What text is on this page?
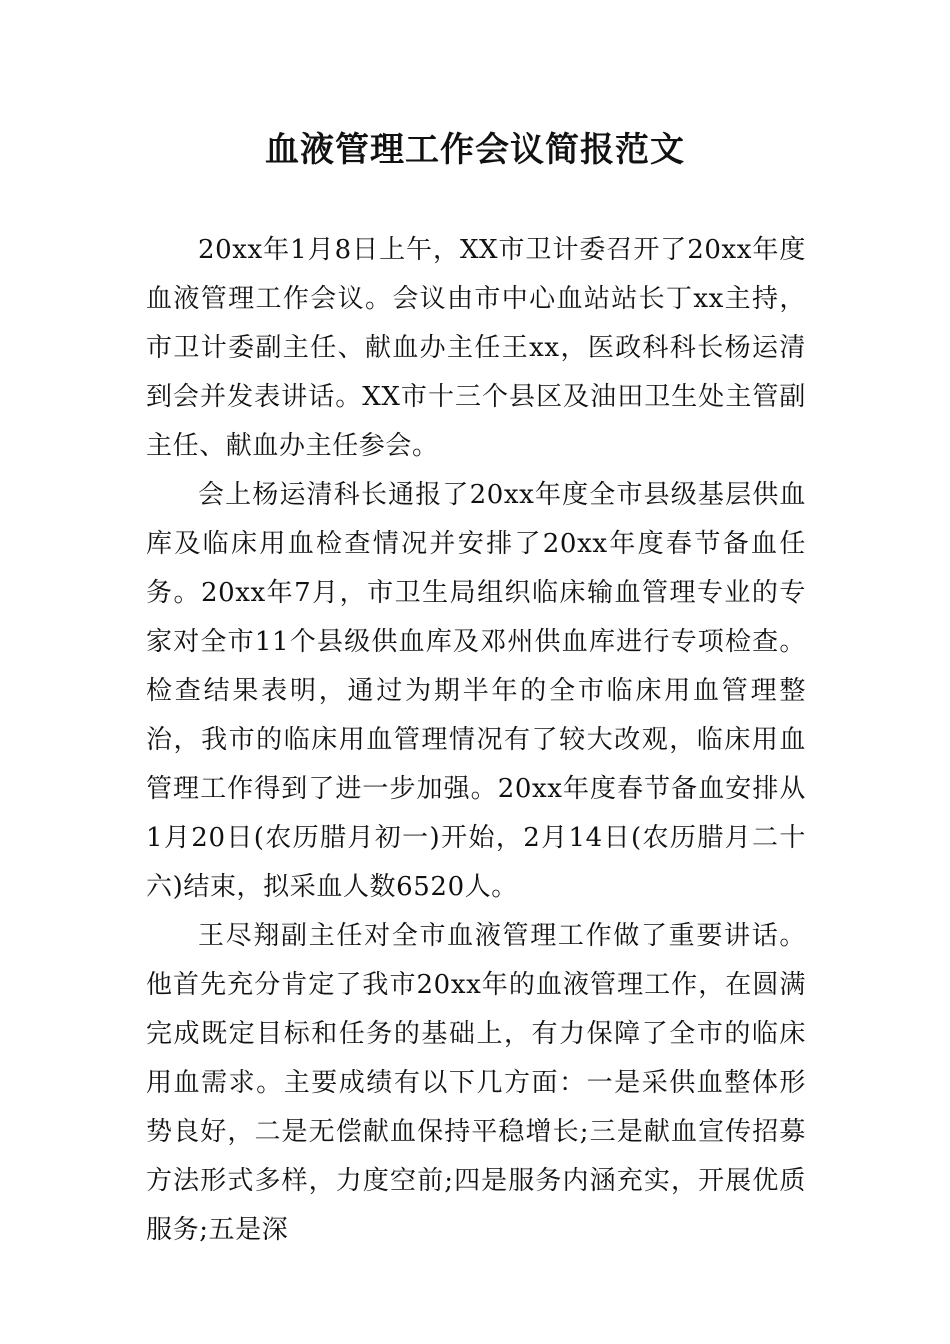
血液管理工作会议简报范文

20xx年1月8日上午，XX市卫计委召开了20xx年度血液管理工作会议。会议由市中心血站站长丁xx主持，市卫计委副主任、献血办主任王xx，医政科科长杨运清到会并发表讲话。XX市十三个县区及油田卫生处主管副主任、献血办主任参会。

会上杨运清科长通报了20xx年度全市县级基层供血库及临床用血检查情况并安排了20xx年度春节备血任务。20xx年7月，市卫生局组织临床输血管理专业的专家对全市11个县级供血库及邓州供血库进行专项检查。检查结果表明，通过为期半年的全市临床用血管理整治，我市的临床用血管理情况有了较大改观，临床用血管理工作得到了进一步加强。20xx年度春节备血安排从1月20日(农历腊月初一)开始，2月14日(农历腊月二十六)结束，拟采血人数6520人。

王尽翔副主任对全市血液管理工作做了重要讲话。他首先充分肯定了我市20xx年的血液管理工作，在圆满完成既定目标和任务的基础上，有力保障了全市的临床用血需求。主要成绩有以下几方面：一是采供血整体形势良好，二是无偿献血保持平稳增长;三是献血宣传招募方法形式多样，力度空前;四是服务内涵充实，开展优质服务;五是深
